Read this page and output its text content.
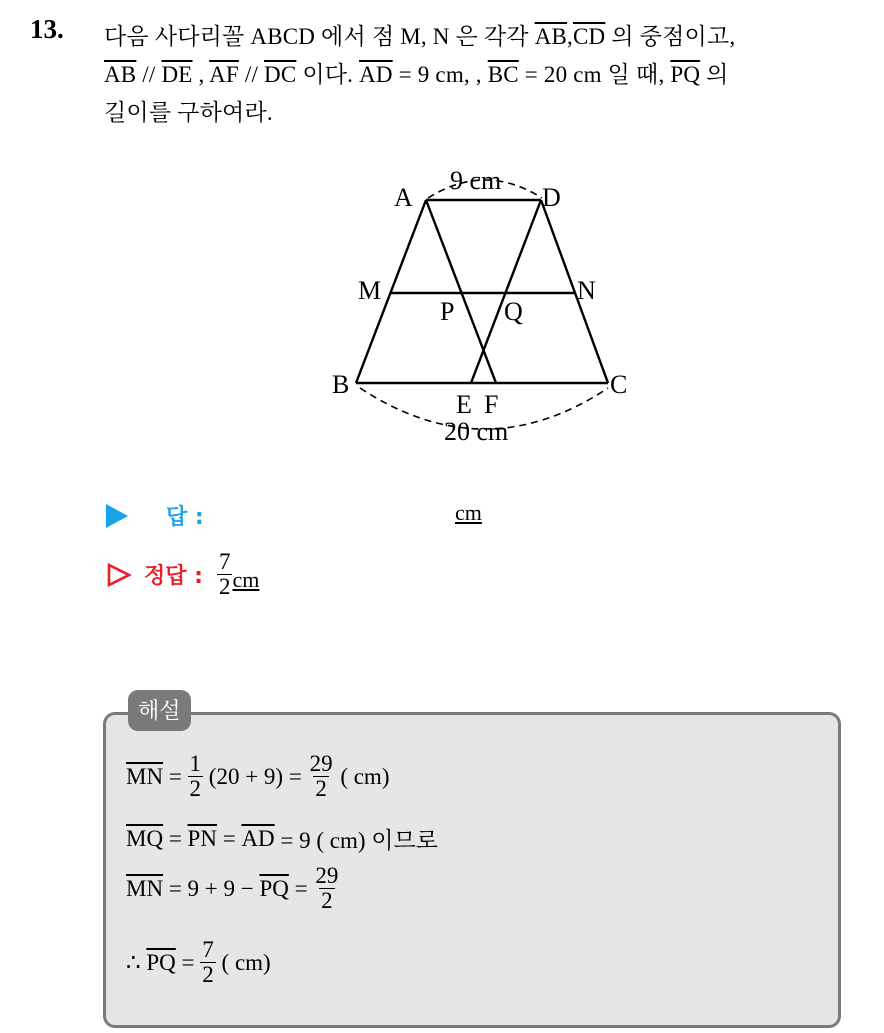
13. 다음 사다리꼴 ABCD 에서 점 M, N 은 각각 $\overline{AB},\overline{CD}$ 의 중점이고,
$\overline{AB} // \overline{DE}$ , $\overline{AF} // \overline{DC}$ 이다. $\overline{AD} = 9$ cm, , $\overline{BC} = 20$ cm 일 때, $\overline{PQ}$ 의
길이를 구하여라.
A	D
M	N
P Q
B	C
E F
9 cm
20 cm
답 :	cm
정답 : $\frac{7}{2}$ cm
해설
$\overline{MN} = \frac{1}{2} (20 + 9) = \frac{29}{2}$ ( cm)
$\overline{MQ} = \overline{PN} = \overline{AD} = 9$ ( cm) 이므로
$\overline{MN} = 9 + 9 - \overline{PQ} = \frac{29}{2}$
∴ $\overline{PQ} = \frac{7}{2}$ ( cm)
